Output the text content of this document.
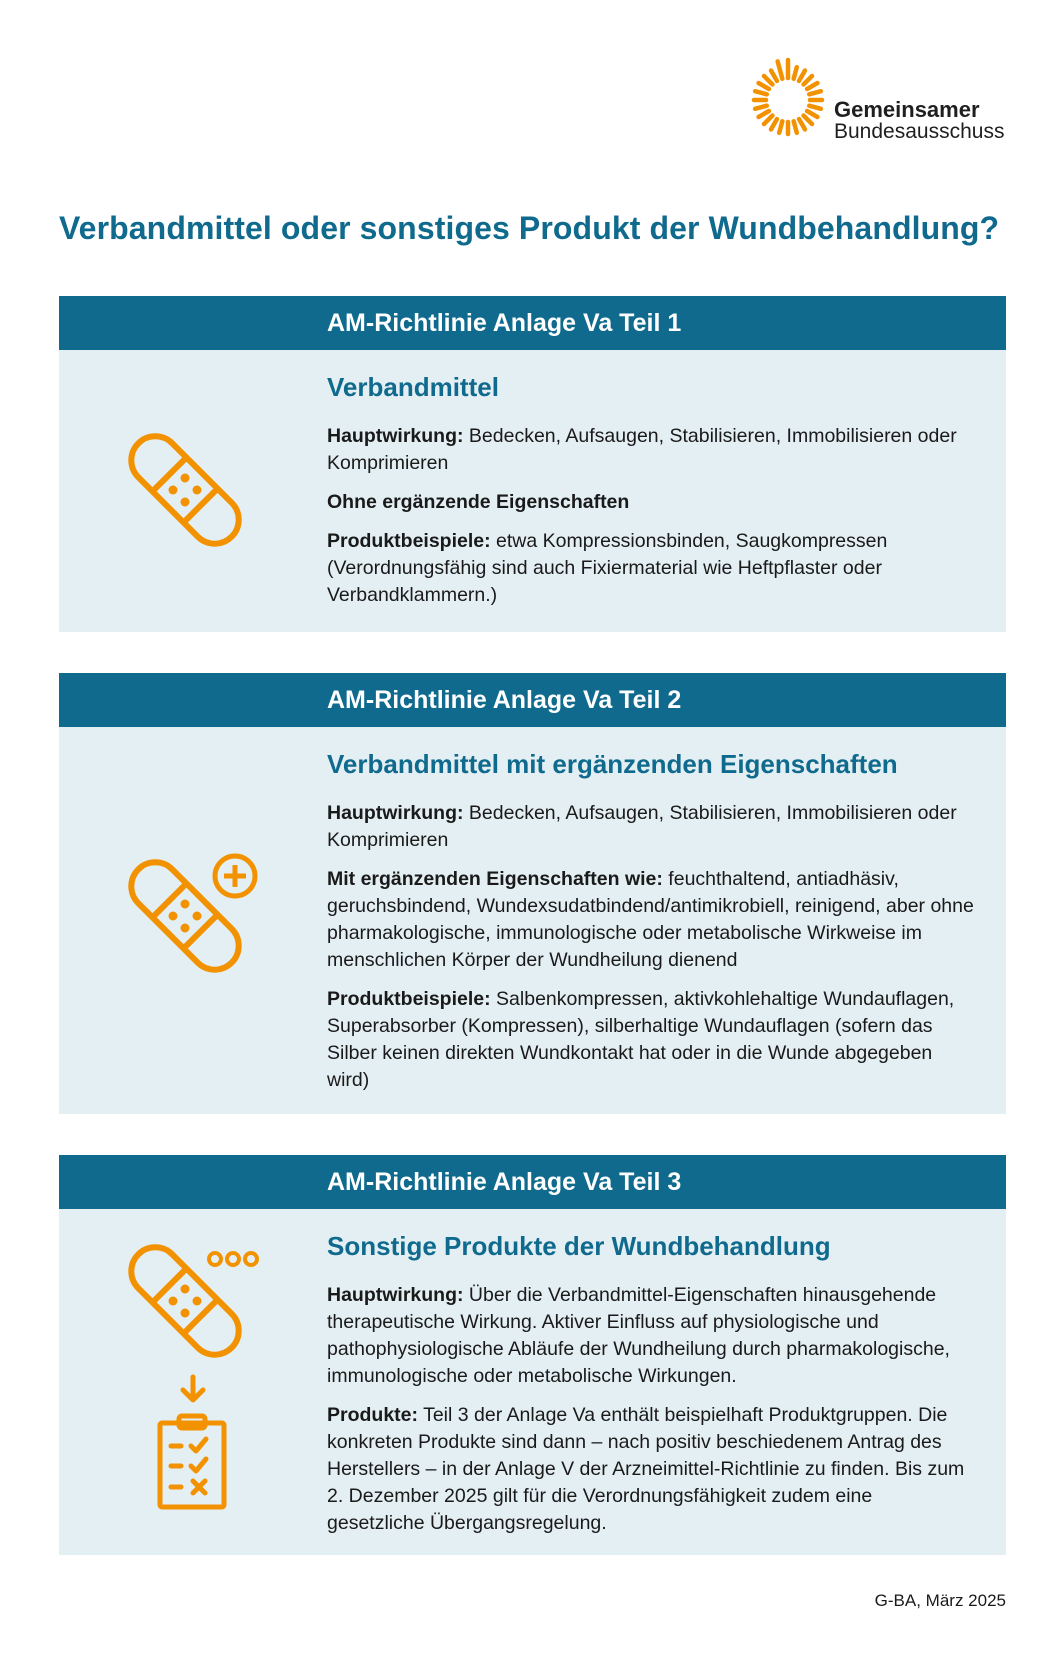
Gemeinsamer
Bundesausschuss
Verbandmittel oder sonstiges Produkt der Wundbehandlung?
AM-Richtlinie Anlage Va Teil 1
Verbandmittel

Hauptwirkung: Bedecken, Aufsaugen, Stabilisieren, Immobilisieren oder Komprimieren

Ohne ergänzende Eigenschaften

Produktbeispiele: etwa Kompressionsbinden, Saugkompressen (Verordnungsfähig sind auch Fixiermaterial wie Heftpflaster oder Verbandklammern.)

AM-Richtlinie Anlage Va Teil 2
Verbandmittel mit ergänzenden Eigenschaften

Hauptwirkung: Bedecken, Aufsaugen, Stabilisieren, Immobilisieren oder Komprimieren

Mit ergänzenden Eigenschaften wie: feuchthaltend, antiadhäsiv, geruchsbindend, Wundexsudatbindend/antimikrobiell, reinigend, aber ohne pharmakologische, immunologische oder metabolische Wirkweise im menschlichen Körper der Wundheilung dienend

Produktbeispiele: Salbenkompressen, aktivkohlehaltige Wundauflagen, Superabsorber (Kompressen), silberhaltige Wundauflagen (sofern das Silber keinen direkten Wundkontakt hat oder in die Wunde abgegeben wird)

AM-Richtlinie Anlage Va Teil 3
Sonstige Produkte der Wundbehandlung

Hauptwirkung: Über die Verbandmittel-Eigenschaften hinausgehende therapeutische Wirkung. Aktiver Einfluss auf physiologische und pathophysiologische Abläufe der Wundheilung durch pharmakologische, immunologische oder metabolische Wirkungen.

Produkte: Teil 3 der Anlage Va enthält beispielhaft Produktgruppen. Die konkreten Produkte sind dann – nach positiv beschiedenem Antrag des Herstellers – in der Anlage V der Arzneimittel-Richtlinie zu finden. Bis zum 2. Dezember 2025 gilt für die Verordnungsfähigkeit zudem eine gesetzliche Übergangsregelung.

G-BA, März 2025
